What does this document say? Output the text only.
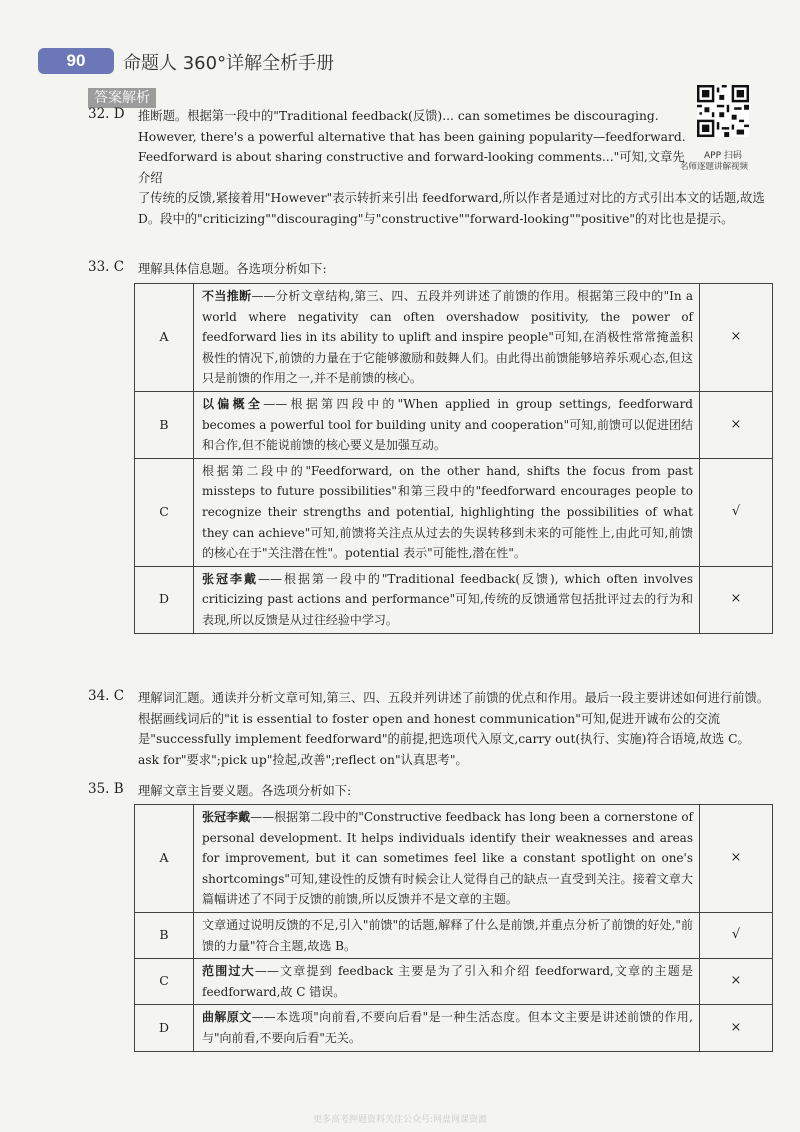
90	命题人 360°详解全析手册
答案解析
APP 扫码
名师逐题讲解视频
32. D 推断题。根据第一段中的"Traditional feedback(反馈)... can sometimes be discouraging. However, there's a powerful alternative that has been gaining popularity—feedforward. Feedforward is about sharing constructive and forward-looking comments..."可知,文章先介绍
了传统的反馈,紧接着用"However"表示转折来引出 feedforward,所以作者是通过对比的方式引出本文的话题,故选 D。段中的"criticizing""discouraging"与"constructive""forward-looking""positive"的对比也是提示。
33. C 理解具体信息题。各选项分析如下:
A	不当推断——分析文章结构,第三、四、五段并列讲述了前馈的作用。根据第三段中的"In a world where negativity can often overshadow positivity, the power of feedforward lies in its ability to uplift and inspire people"可知,在消极性常常掩盖积极性的情况下,前馈的力量在于它能够激励和鼓舞人们。由此得出前馈能够培养乐观心态,但这只是前馈的作用之一,并不是前馈的核心。	×
B	以偏概全——根据第四段中的"When applied in group settings, feedforward becomes a powerful tool for building unity and cooperation"可知,前馈可以促进团结和合作,但不能说前馈的核心要义是加强互动。	×
C	根据第二段中的"Feedforward, on the other hand, shifts the focus from past missteps to future possibilities"和第三段中的"feedforward encourages people to recognize their strengths and potential, highlighting the possibilities of what they can achieve"可知,前馈将关注点从过去的失误转移到未来的可能性上,由此可知,前馈的核心在于"关注潜在性"。potential 表示"可能性,潜在性"。	√
D	张冠李戴——根据第一段中的"Traditional feedback(反馈), which often involves criticizing past actions and performance"可知,传统的反馈通常包括批评过去的行为和表现,所以反馈是从过往经验中学习。	×
34. C 理解词汇题。通读并分析文章可知,第三、四、五段并列讲述了前馈的优点和作用。最后一段主要讲述如何进行前馈。根据画线词后的"it is essential to foster open and honest communication"可知,促进开诚布公的交流是"successfully implement feedforward"的前提,把选项代入原文,carry out(执行、实施)符合语境,故选 C。ask for"要求";pick up"捡起,改善";reflect on"认真思考"。
35. B 理解文章主旨要义题。各选项分析如下:
A	张冠李戴——根据第二段中的"Constructive feedback has long been a cornerstone of personal development. It helps individuals identify their weaknesses and areas for improvement, but it can sometimes feel like a constant spotlight on one's shortcomings"可知,建设性的反馈有时候会让人觉得自己的缺点一直受到关注。接着文章大篇幅讲述了不同于反馈的前馈,所以反馈并不是文章的主题。	×
B	文章通过说明反馈的不足,引入"前馈"的话题,解释了什么是前馈,并重点分析了前馈的好处,"前馈的力量"符合主题,故选 B。	√
C	范围过大——文章提到 feedback 主要是为了引入和介绍 feedforward,文章的主题是 feedforward,故 C 错误。	×
D	曲解原文——本选项"向前看,不要向后看"是一种生活态度。但本文主要是讲述前馈的作用,与"向前看,不要向后看"无关。	×
更多高考押题资料关注公众号:网盘网课资源
